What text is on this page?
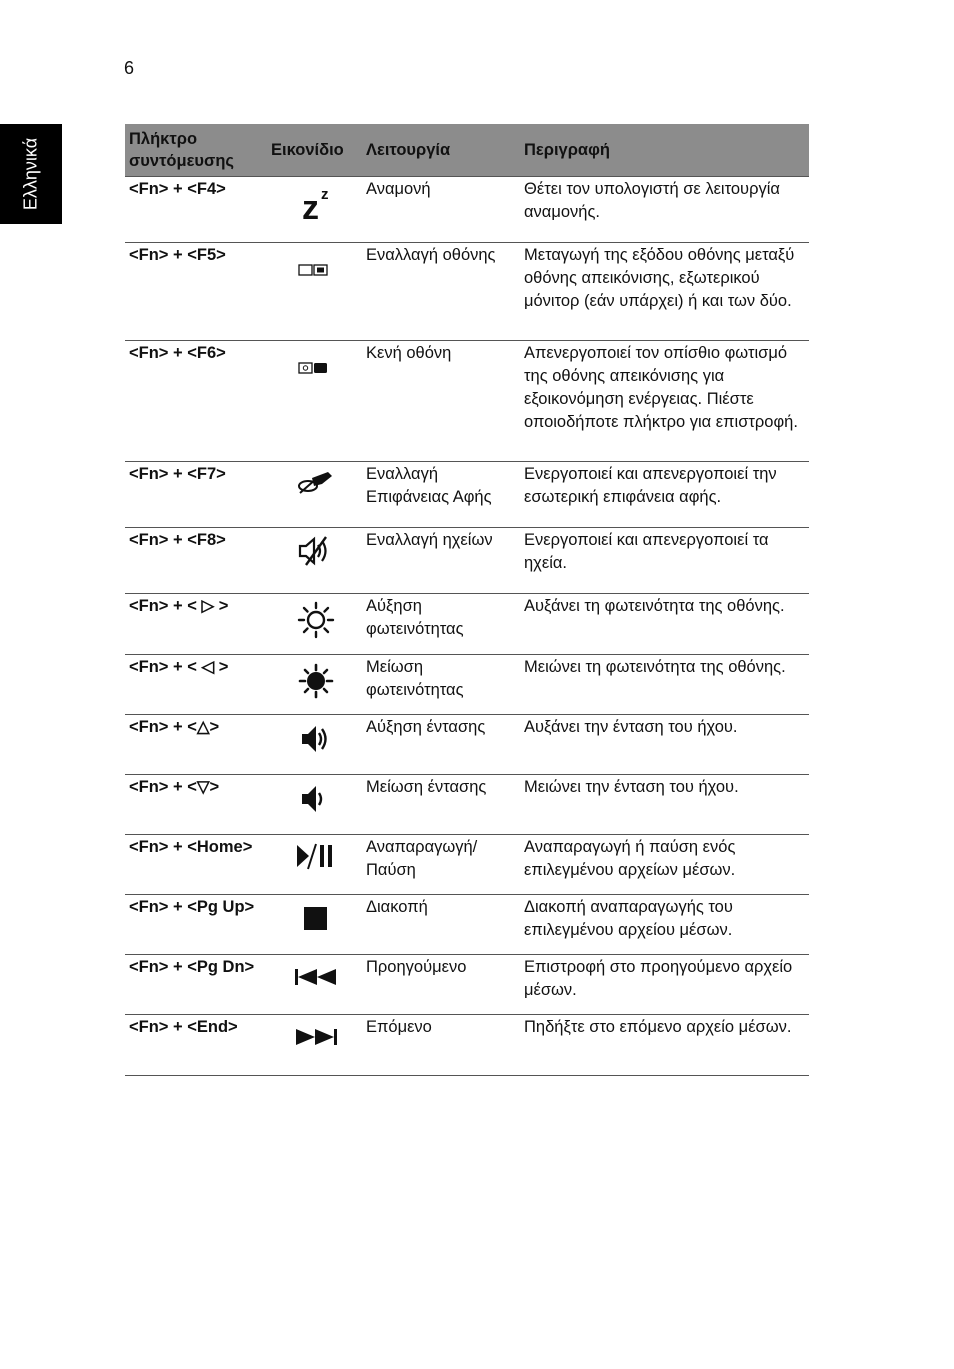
6
Ελληνικά	Πλήκτρο συντόμευσης	Εικονίδιο	Λειτουργία	Περιγραφή
<Fn> + <F4>	z z	Αναμονή	Θέτει τον υπολογιστή σε λειτουργία αναμονής.
<Fn> + <F5>		Εναλλαγή οθόνης	Μεταγωγή της εξόδου οθόνης μεταξύ οθόνης απεικόνισης, εξωτερικού μόνιτορ (εάν υπάρχει) ή και των δύο.
<Fn> + <F6>		Κενή οθόνη	Απενεργοποιεί τον οπίσθιο φωτισμό της οθόνης απεικόνισης για εξοικονόμηση ενέργειας. Πιέστε οποιοδήποτε πλήκτρο για επιστροφή.
<Fn> + <F7>		Εναλλαγή Επιφάνειας Αφής	Ενεργοποιεί και απενεργοποιεί την εσωτερική επιφάνεια αφής.
<Fn> + <F8>		Εναλλαγή ηχείων	Ενεργοποιεί και απενεργοποιεί τα ηχεία.
<Fn> + < ▷ >		Αύξηση φωτεινότητας	Αυξάνει τη φωτεινότητα της οθόνης.
<Fn> + < ◁ >		Μείωση φωτεινότητας	Μειώνει τη φωτεινότητα της οθόνης.
<Fn> + <△>		Αύξηση έντασης	Αυξάνει την ένταση του ήχου.
<Fn> + <▽>		Μείωση έντασης	Μειώνει την ένταση του ήχου.
<Fn> + <Home>		Αναπαραγωγή/ Παύση	Αναπαραγωγή ή παύση ενός επιλεγμένου αρχείων μέσων.
<Fn> + <Pg Up>		Διακοπή	Διακοπή αναπαραγωγής του επιλεγμένου αρχείου μέσων.
<Fn> + <Pg Dn>		Προηγούμενο	Επιστροφή στο προηγούμενο αρχείο μέσων.
<Fn> + <End>		Επόμενο	Πηδήξτε στο επόμενο αρχείο μέσων.
